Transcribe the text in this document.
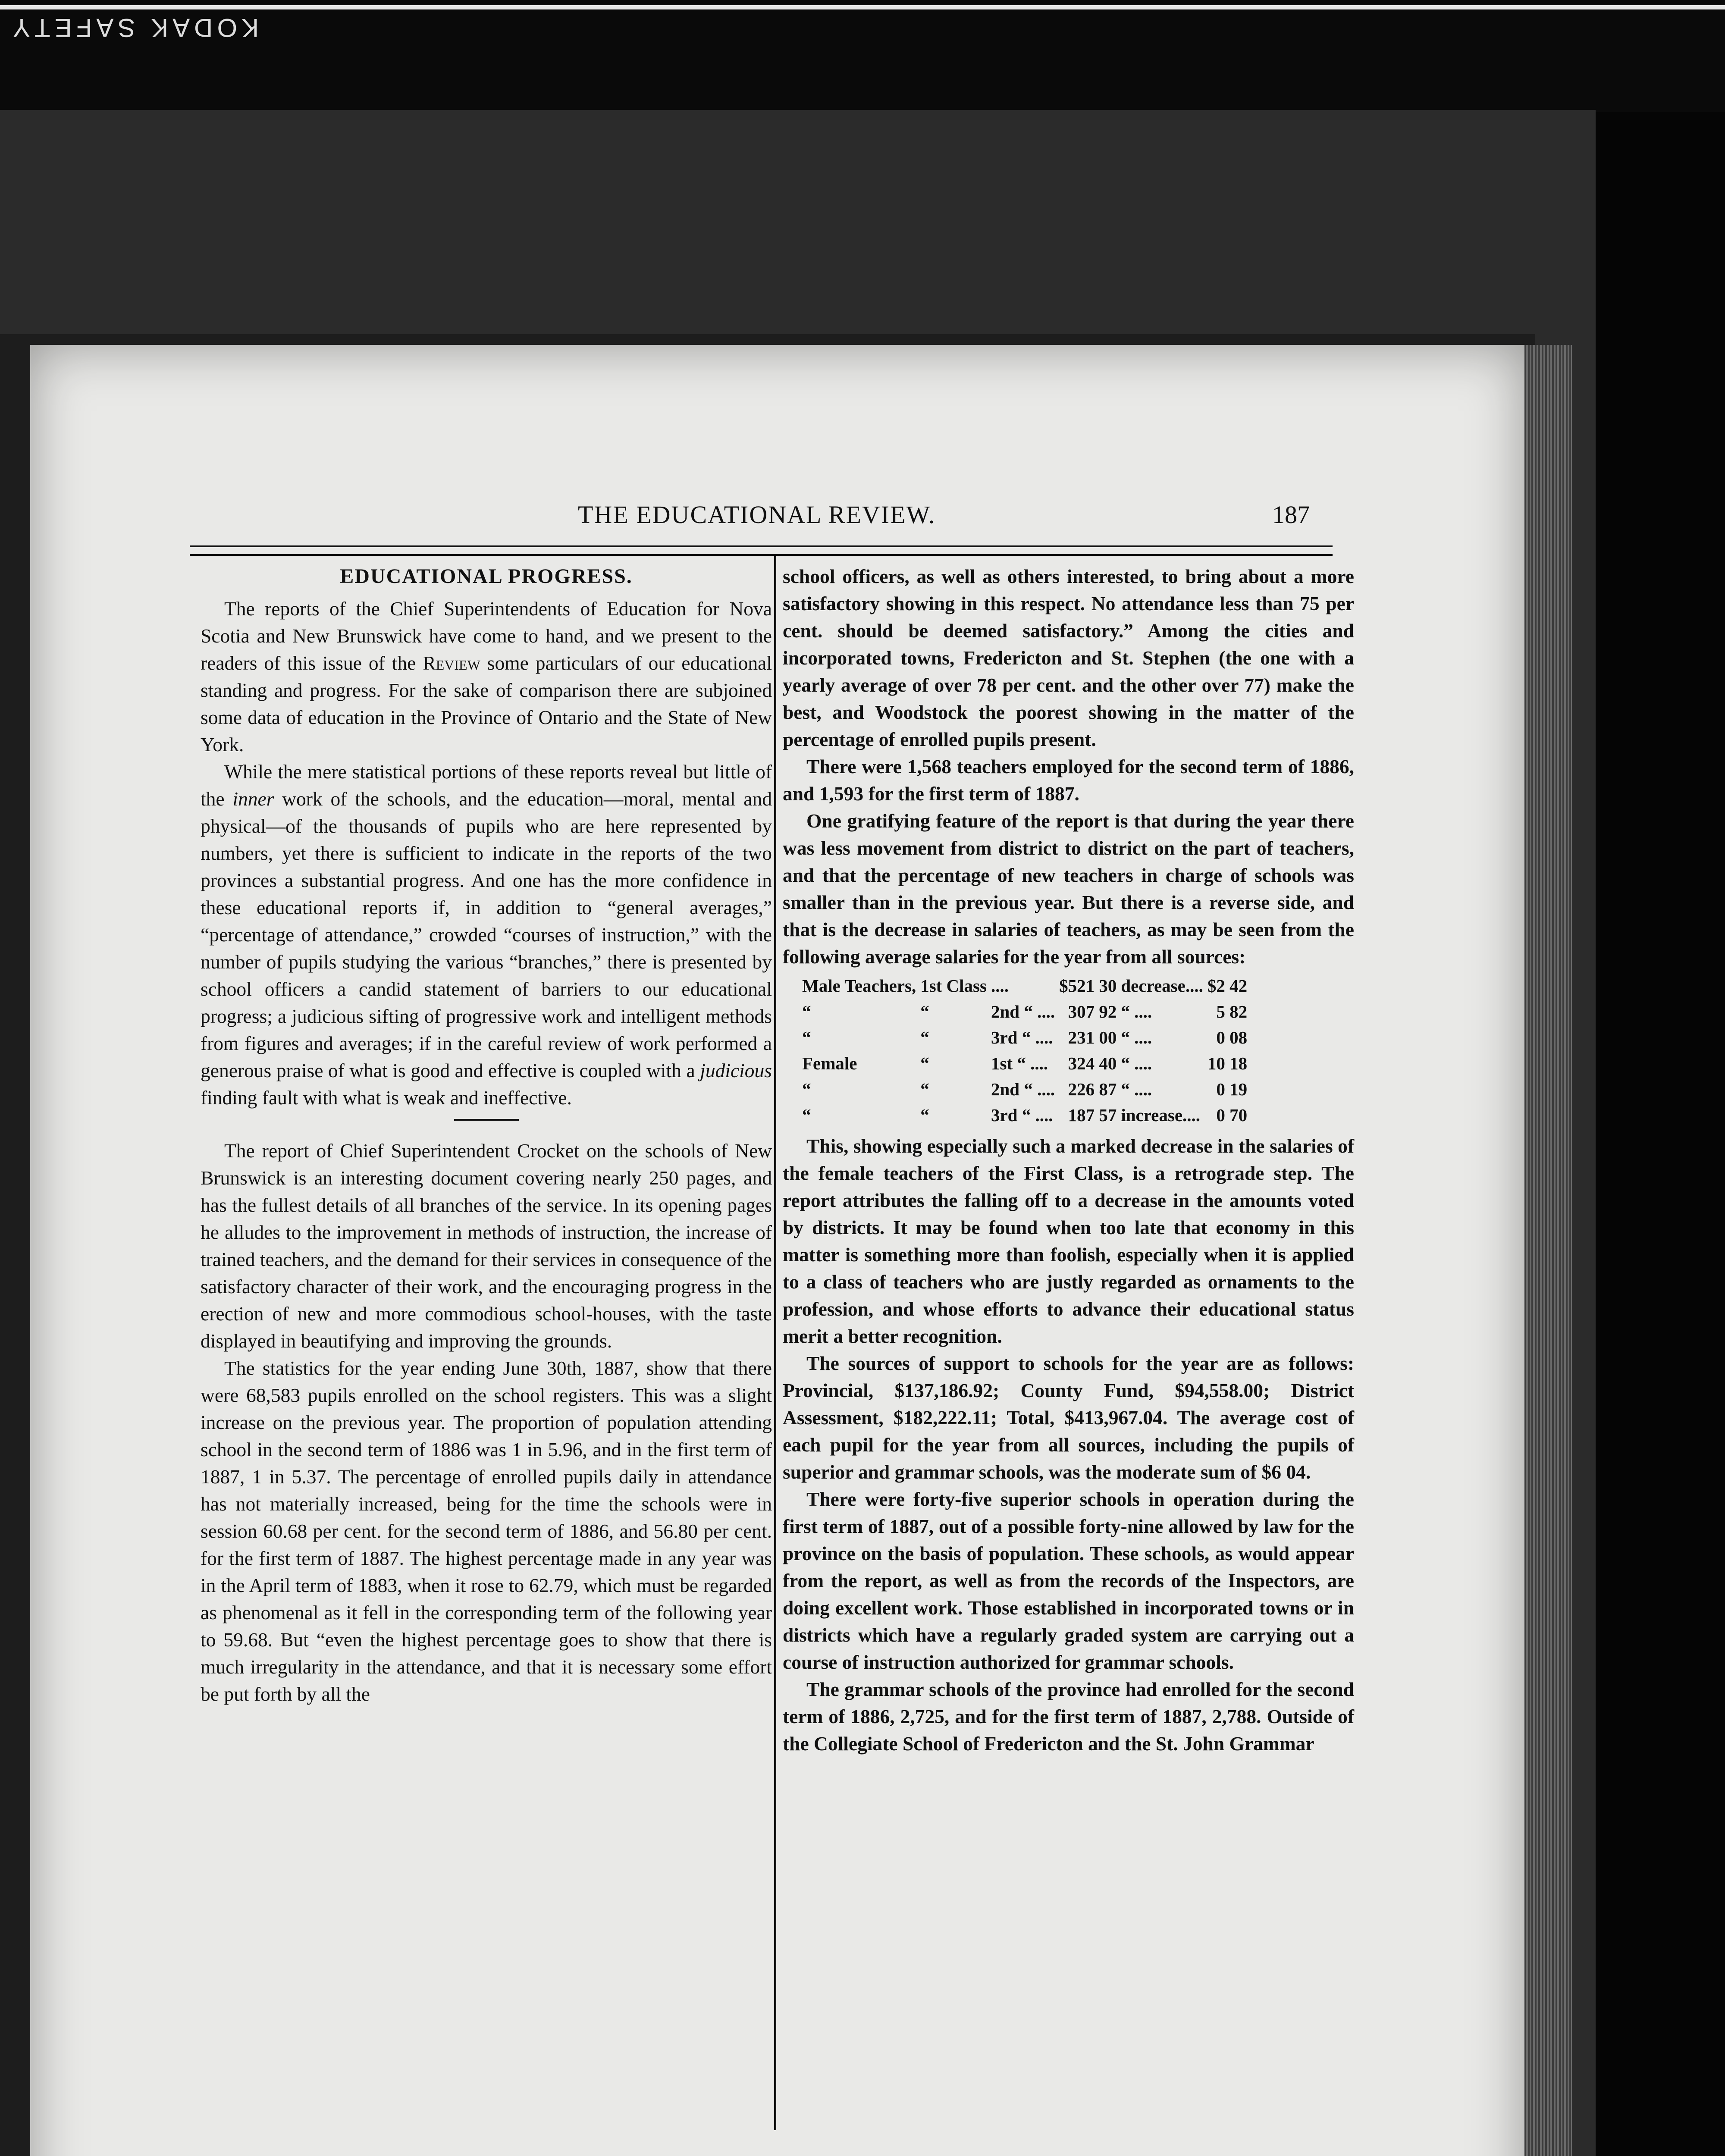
KODAK SAFETY
THE EDUCATIONAL REVIEW.	187
EDUCATIONAL PROGRESS.

The reports of the Chief Superintendents of Education for Nova Scotia and New Brunswick have come to hand, and we present to the readers of this issue of the Review some particulars of our educational standing and progress. For the sake of comparison there are subjoined some data of education in the Province of Ontario and the State of New York.

While the mere statistical portions of these reports reveal but little of the inner work of the schools, and the education—moral, mental and physical—of the thousands of pupils who are here represented by numbers, yet there is sufficient to indicate in the reports of the two provinces a substantial progress. And one has the more confidence in these educational reports if, in addition to “general averages,” “percentage of attendance,” crowded “courses of instruction,” with the number of pupils studying the various “branches,” there is presented by school officers a candid statement of barriers to our educational progress; a judicious sifting of progressive work and intelligent methods from figures and averages; if in the careful review of work performed a generous praise of what is good and effective is coupled with a judicious finding fault with what is weak and ineffective.

The report of Chief Superintendent Crocket on the schools of New Brunswick is an interesting document covering nearly 250 pages, and has the fullest details of all branches of the service. In its opening pages he alludes to the improvement in methods of instruction, the increase of trained teachers, and the demand for their services in consequence of the satisfactory character of their work, and the encouraging progress in the erection of new and more commodious school-houses, with the taste displayed in beautifying and improving the grounds.

The statistics for the year ending June 30th, 1887, show that there were 68,583 pupils enrolled on the school registers. This was a slight increase on the previous year. The proportion of population attending school in the second term of 1886 was 1 in 5.96, and in the first term of 1887, 1 in 5.37. The percentage of enrolled pupils daily in attendance has not materially increased, being for the time the schools were in session 60.68 per cent. for the second term of 1886, and 56.80 per cent. for the first term of 1887. The highest percentage made in any year was in the April term of 1883, when it rose to 62.79, which must be regarded as phenomenal as it fell in the corresponding term of the following year to 59.68. But “even the highest percentage goes to show that there is much irregularity in the attendance, and that it is necessary some effort be put forth by all the

school officers, as well as others interested, to bring about a more satisfactory showing in this respect. No attendance less than 75 per cent. should be deemed satisfactory.” Among the cities and incorporated towns, Fredericton and St. Stephen (the one with a yearly average of over 78 per cent. and the other over 77) make the best, and Woodstock the poorest showing in the matter of the percentage of enrolled pupils present.

There were 1,568 teachers employed for the second term of 1886, and 1,593 for the first term of 1887.

One gratifying feature of the report is that during the year there was less movement from district to district on the part of teachers, and that the percentage of new teachers in charge of schools was smaller than in the previous year. But there is a reverse side, and that is the decrease in salaries of teachers, as may be seen from the following average salaries for the year from all sources:

Male Teachers,	1st Class	....	$521 30	decrease....	$2 42
“	“	2nd “ ....	307 92	“ ....	5 82
“	“	3rd “ ....	231 00	“ ....	0 08
Female	“	1st “ ....	324 40	“ ....	10 18
“	“	2nd “ ....	226 87	“ ....	0 19
“	“	3rd “ ....	187 57	increase....	0 70

This, showing especially such a marked decrease in the salaries of the female teachers of the First Class, is a retrograde step. The report attributes the falling off to a decrease in the amounts voted by districts. It may be found when too late that economy in this matter is something more than foolish, especially when it is applied to a class of teachers who are justly regarded as ornaments to the profession, and whose efforts to advance their educational status merit a better recognition.

The sources of support to schools for the year are as follows: Provincial, $137,186.92; County Fund, $94,558.00; District Assessment, $182,222.11; Total, $413,967.04. The average cost of each pupil for the year from all sources, including the pupils of superior and grammar schools, was the moderate sum of $6 04.

There were forty-five superior schools in operation during the first term of 1887, out of a possible forty-nine allowed by law for the province on the basis of population. These schools, as would appear from the report, as well as from the records of the Inspectors, are doing excellent work. Those established in incorporated towns or in districts which have a regularly graded system are carrying out a course of instruction authorized for grammar schools.

The grammar schools of the province had enrolled for the second term of 1886, 2,725, and for the first term of 1887, 2,788. Outside of the Collegiate School of Fredericton and the St. John Grammar
